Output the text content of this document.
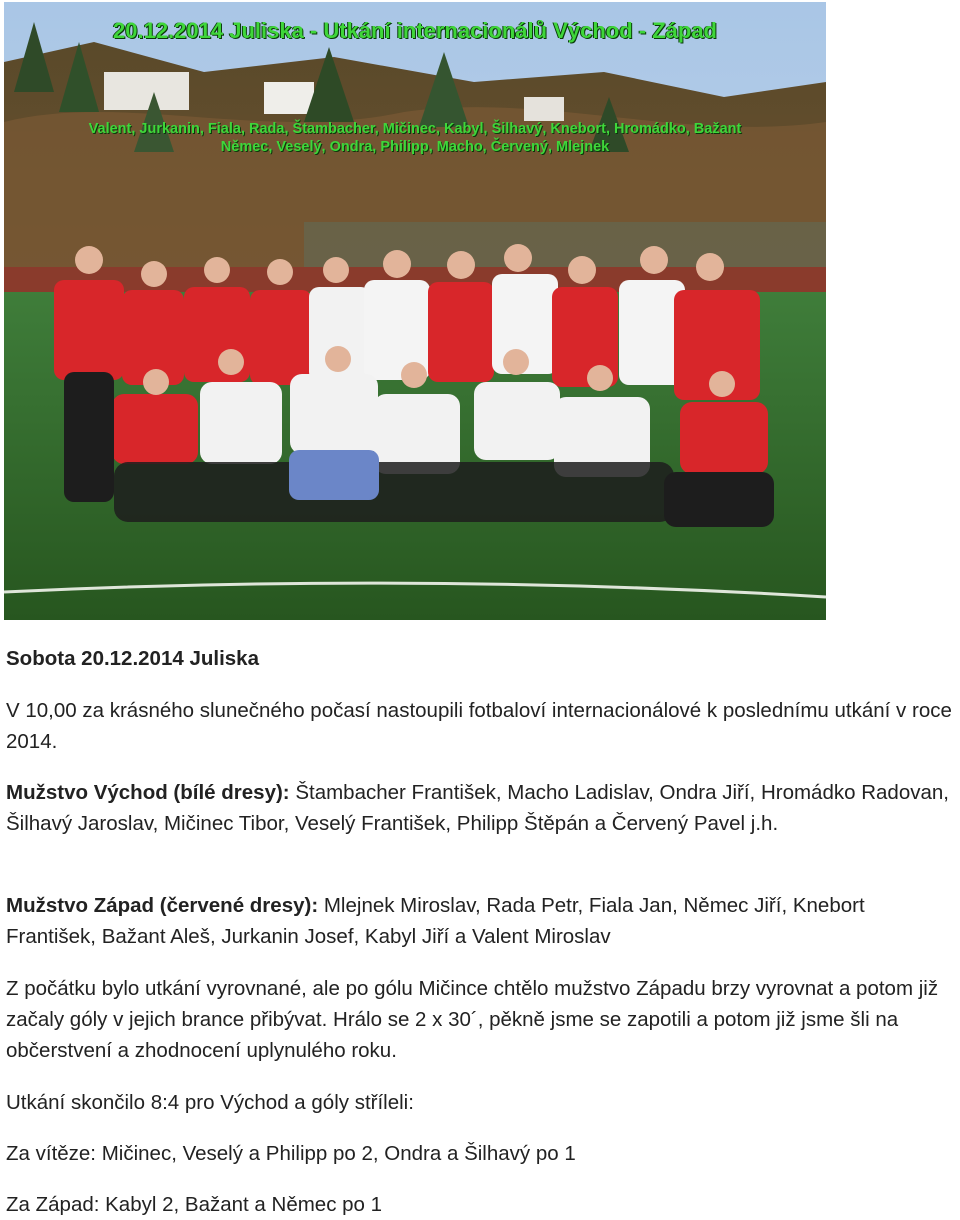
20.12.2014 Juliska - Utkání internacionálů Východ - Západ
Valent, Jurkanin, Fiala, Rada, Štambacher, Mičinec, Kabyl, Šilhavý, Knebort, Hromádko, Bažant
Němec, Veselý, Ondra, Philipp, Macho, Červený, Mlejnek

Sobota 20.12.2014 Juliska

V 10,00 za krásného slunečného počasí nastoupili fotbaloví internacionálové k poslednímu utkání v roce 2014.

Mužstvo Východ (bílé dresy): Štambacher František, Macho Ladislav, Ondra Jiří, Hromádko Radovan, Šilhavý Jaroslav, Mičinec Tibor, Veselý František, Philipp Štěpán a Červený Pavel j.h.

Mužstvo Západ (červené dresy): Mlejnek Miroslav, Rada Petr, Fiala Jan, Němec Jiří, Knebort František, Bažant Aleš, Jurkanin Josef, Kabyl Jiří a Valent Miroslav

Z počátku bylo utkání vyrovnané, ale po gólu Mičince chtělo mužstvo Západu brzy vyrovnat a potom již začaly góly v jejich brance přibývat. Hrálo se 2 x 30´, pěkně jsme se zapotili a potom již jsme šli na občerstvení a zhodnocení uplynulého roku.

Utkání skončilo 8:4 pro Východ a góly stříleli:

Za vítěze: Mičinec, Veselý a Philipp po 2, Ondra a Šilhavý po 1

Za Západ: Kabyl 2, Bažant a Němec po 1
